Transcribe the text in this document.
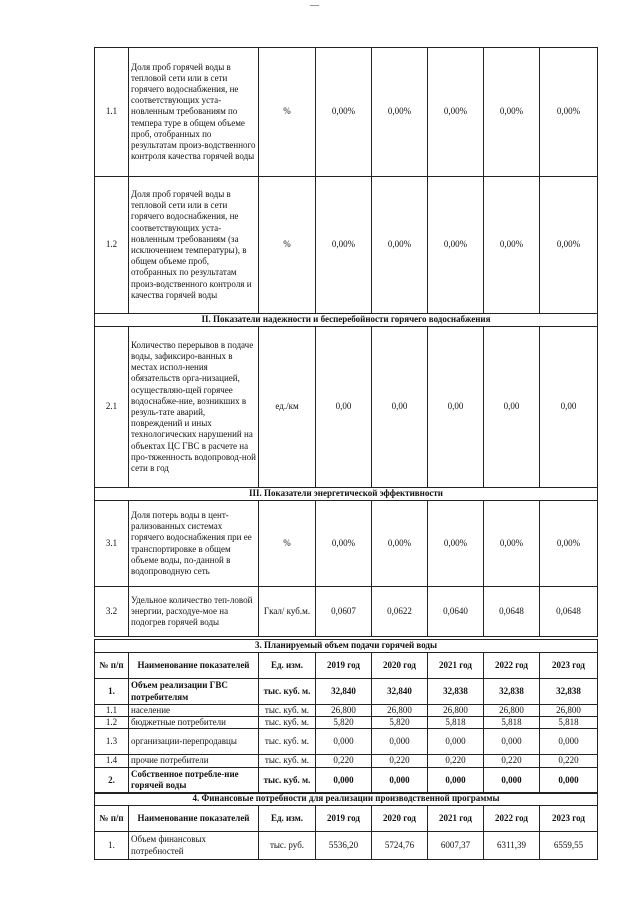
—
1.1	Доля проб горячей воды в тепловой сети или в сети горячего водоснабжения, не соответствующих уста-новленным требованиям по темпера туре в общем объеме проб, отобранных по результатам произ-водственного контроля качества горячей воды	%	0,00%	0,00%	0,00%	0,00%	0,00%
1.2	Доля проб горячей воды в тепловой сети или в сети горячего водоснабжения, не соответствующих уста-новленным требованиям (за исключением температуры), в общем объеме проб, отобранных по результатам произ-водственного контроля и качества горячей воды	%	0,00%	0,00%	0,00%	0,00%	0,00%
II. Показатели надежности и бесперебойности горячего водоснабжения							
2.1	Количество перерывов в подаче воды, зафиксиро-ванных в местах испол-нения обязательств орга-низацией, осуществляю-щей горячее водоснабже-ние, возникших в резуль-тате аварий, повреждений и иных технологических нарушений на объектах ЦС ГВС в расчете на про-тяженность водопровод-ной сети в год	ед./км	0,00	0,00	0,00	0,00	0,00
III. Показатели энергетической эффективности							
3.1	Доля потерь воды в цент-рализованных системах горячего водоснабжения при ее транспортировке в общем объеме воды, по-данной в водопроводную сеть	%	0,00%	0,00%	0,00%	0,00%	0,00%
3.2	Удельное количество теп-ловой энергии, расходуе-мое на подогрев горячей воды	Гкал/ куб.м.	0,0607	0,0622	0,0640	0,0648	0,0648
3. Планируемый объем подачи горячей воды							
№ п/п	Наименование показателей	Ед. изм.	2019 год	2020 год	2021 год	2022 год	2023 год
1.	Объем реализации ГВС потребителям	тыс. куб. м.	32,840	32,840	32,838	32,838	32,838
1.1	население	тыс. куб. м.	26,800	26,800	26,800	26,800	26,800
1.2	бюджетные потребители	тыс. куб. м.	5,820	5,820	5,818	5,818	5,818
1.3	организации-перепродавцы	тыс. куб. м.	0,000	0,000	0,000	0,000	0,000
1.4	прочие потребители	тыс. куб. м.	0,220	0,220	0,220	0,220	0,220
2.	Собственное потребле-ние горячей воды	тыс. куб. м.	0,000	0,000	0,000	0,000	0,000
4. Финансовые потребности для реализации производственной программы							
№ п/п	Наименование показателей	Ед. изм.	2019 год	2020 год	2021 год	2022 год	2023 год
1.	Объем финансовых потребностей	тыс. руб.	5536,20	5724,76	6007,37	6311,39	6559,55
